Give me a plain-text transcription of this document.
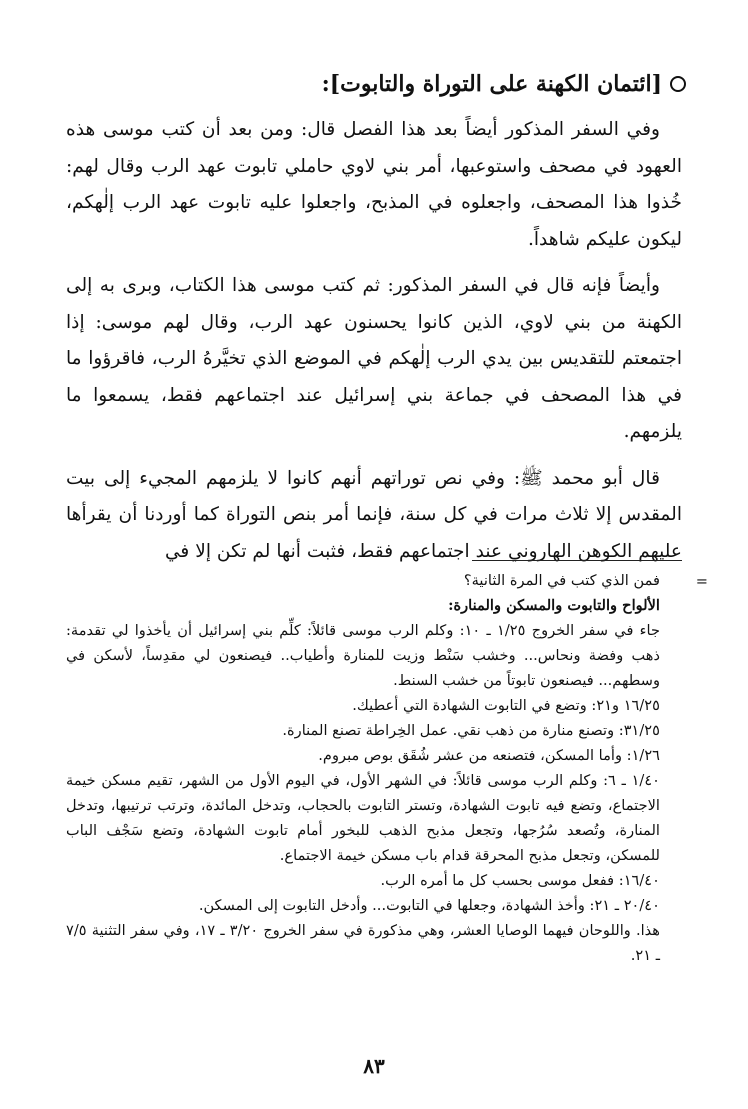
[ائتمان الكهنة على التوراة والتابوت]:

وفي السفر المذكور أيضاً بعد هذا الفصل قال: ومن بعد أن كتب موسى هذه العهود في مصحف واستوعبها، أمر بني لاوي حاملي تابوت عهد الرب وقال لهم: خُذوا هذا المصحف، واجعلوه في المذبح، واجعلوا عليه تابوت عهد الرب إلٰهكم، ليكون عليكم شاهداً.

وأيضاً فإنه قال في السفر المذكور: ثم كتب موسى هذا الكتاب، وبرى به إلى الكهنة من بني لاوي، الذين كانوا يحسنون عهد الرب، وقال لهم موسى: إذا اجتمعتم للتقديس بين يدي الرب إلٰهكم في الموضع الذي تخيَّرهُ الرب، فاقرؤوا ما في هذا المصحف في جماعة بني إسرائيل عند اجتماعهم فقط، يسمعوا ما يلزمهم.

قال أبو محمد ﷺ: وفي نص توراتهم أنهم كانوا لا يلزمهم المجيء إلى بيت المقدس إلا ثلاث مرات في كل سنة، فإنما أمر بنص التوراة كما أوردنا أن يقرأها عليهم الكوهن الهاروني عند اجتماعهم فقط، فثبت أنها لم تكن إلا في

=

فمن الذي كتب في المرة الثانية؟

الألواح والتابوت والمسكن والمنارة:

جاء في سفر الخروج ١/٢٥ ـ ١٠: وكلم الرب موسى قائلاً: كلِّم بني إسرائيل أن يأخذوا لي تقدمة: ذهب وفضة ونحاس... وخشب سَنْط وزيت للمنارة وأطياب.. فيصنعون لي مقدِساً، لأسكن في وسطهم... فيصنعون تابوتاً من خشب السنط.

١٦/٢٥ و٢١: وتضع في التابوت الشهادة التي أعطيك.

٣١/٢٥: وتصنع منارة من ذهب نقي. عمل الخِراطة تصنع المنارة.

١/٢٦: وأما المسكن، فتصنعه من عشر شُقَق بوص مبروم.

١/٤٠ ـ ٦: وكلم الرب موسى قائلاً: في الشهر الأول، في اليوم الأول من الشهر، تقيم مسكن خيمة الاجتماع، وتضع فيه تابوت الشهادة، وتستر التابوت بالحجاب، وتدخل المائدة، وترتب ترتيبها، وتدخل المنارة، وتُصعد سُرُجها، وتجعل مذبح الذهب للبخور أمام تابوت الشهادة، وتضع سَجْف الباب للمسكن، وتجعل مذبح المحرقة قدام باب مسكن خيمة الاجتماع.

١٦/٤٠: ففعل موسى بحسب كل ما أمره الرب.

٢٠/٤٠ ـ ٢١: وأخذ الشهادة، وجعلها في التابوت... وأدخل التابوت إلى المسكن.

هذا. واللوحان فيهما الوصايا العشر، وهي مذكورة في سفر الخروج ٣/٢٠ ـ ١٧، وفي سفر التثنية ٧/٥ ـ ٢١.

٨٣
